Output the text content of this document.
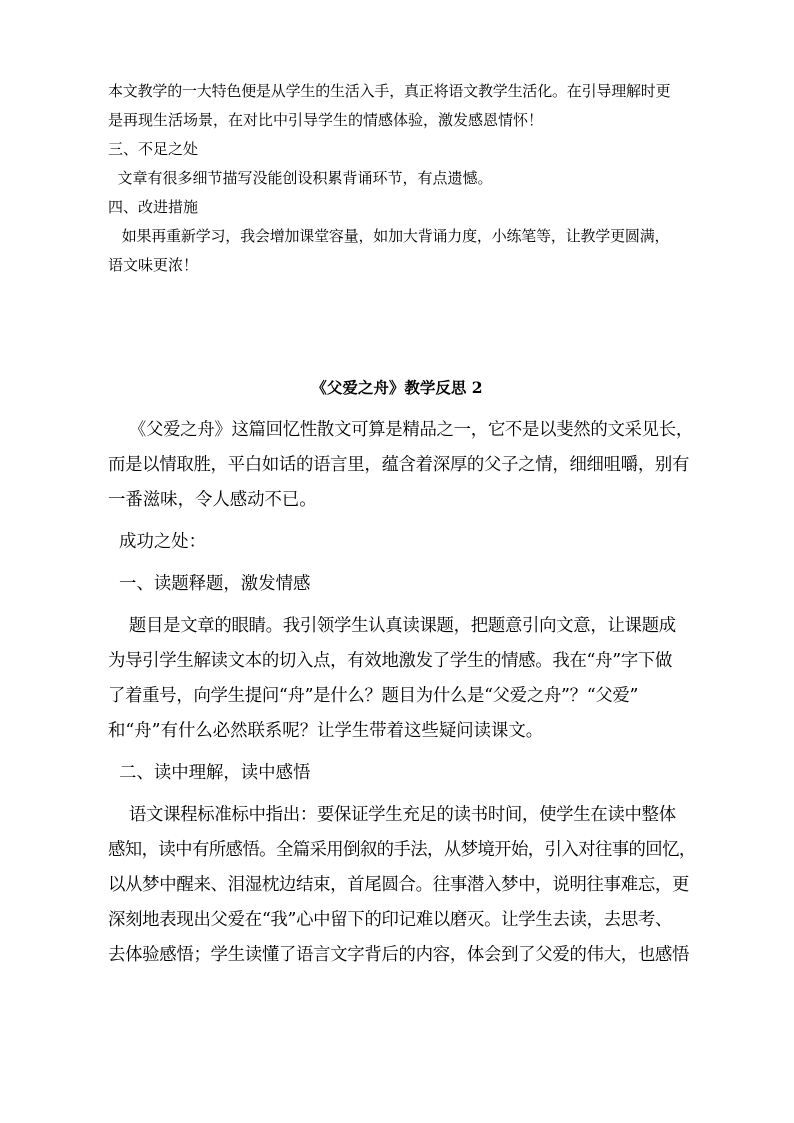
本文教学的一大特色便是从学生的生活入手，真正将语文教学生活化。在引导理解时更
是再现生活场景，在对比中引导学生的情感体验，激发感恩情怀！
三、不足之处
文章有很多细节描写没能创设积累背诵环节，有点遗憾。
四、改进措施
如果再重新学习，我会增加课堂容量，如加大背诵力度，小练笔等，让教学更圆满，
语文味更浓！
《父爱之舟》教学反思 2
《父爱之舟》这篇回忆性散文可算是精品之一，它不是以斐然的文采见长，
而是以情取胜，平白如话的语言里，蕴含着深厚的父子之情，细细咀嚼，别有
一番滋味，令人感动不已。
成功之处：
一、读题释题，激发情感
题目是文章的眼睛。我引领学生认真读课题，把题意引向文意，让课题成
为导引学生解读文本的切入点，有效地激发了学生的情感。我在“舟”字下做
了着重号，向学生提问“舟”是什么？题目为什么是“父爱之舟”？“父爱”
和“舟”有什么必然联系呢？让学生带着这些疑问读课文。
二、读中理解，读中感悟
语文课程标准标中指出：要保证学生充足的读书时间，使学生在读中整体
感知，读中有所感悟。全篇采用倒叙的手法，从梦境开始，引入对往事的回忆，
以从梦中醒来、泪湿枕边结束，首尾圆合。往事潜入梦中，说明往事难忘，更
深刻地表现出父爱在“我”心中留下的印记难以磨灭。让学生去读，去思考、
去体验感悟；学生读懂了语言文字背后的内容，体会到了父爱的伟大，也感悟
